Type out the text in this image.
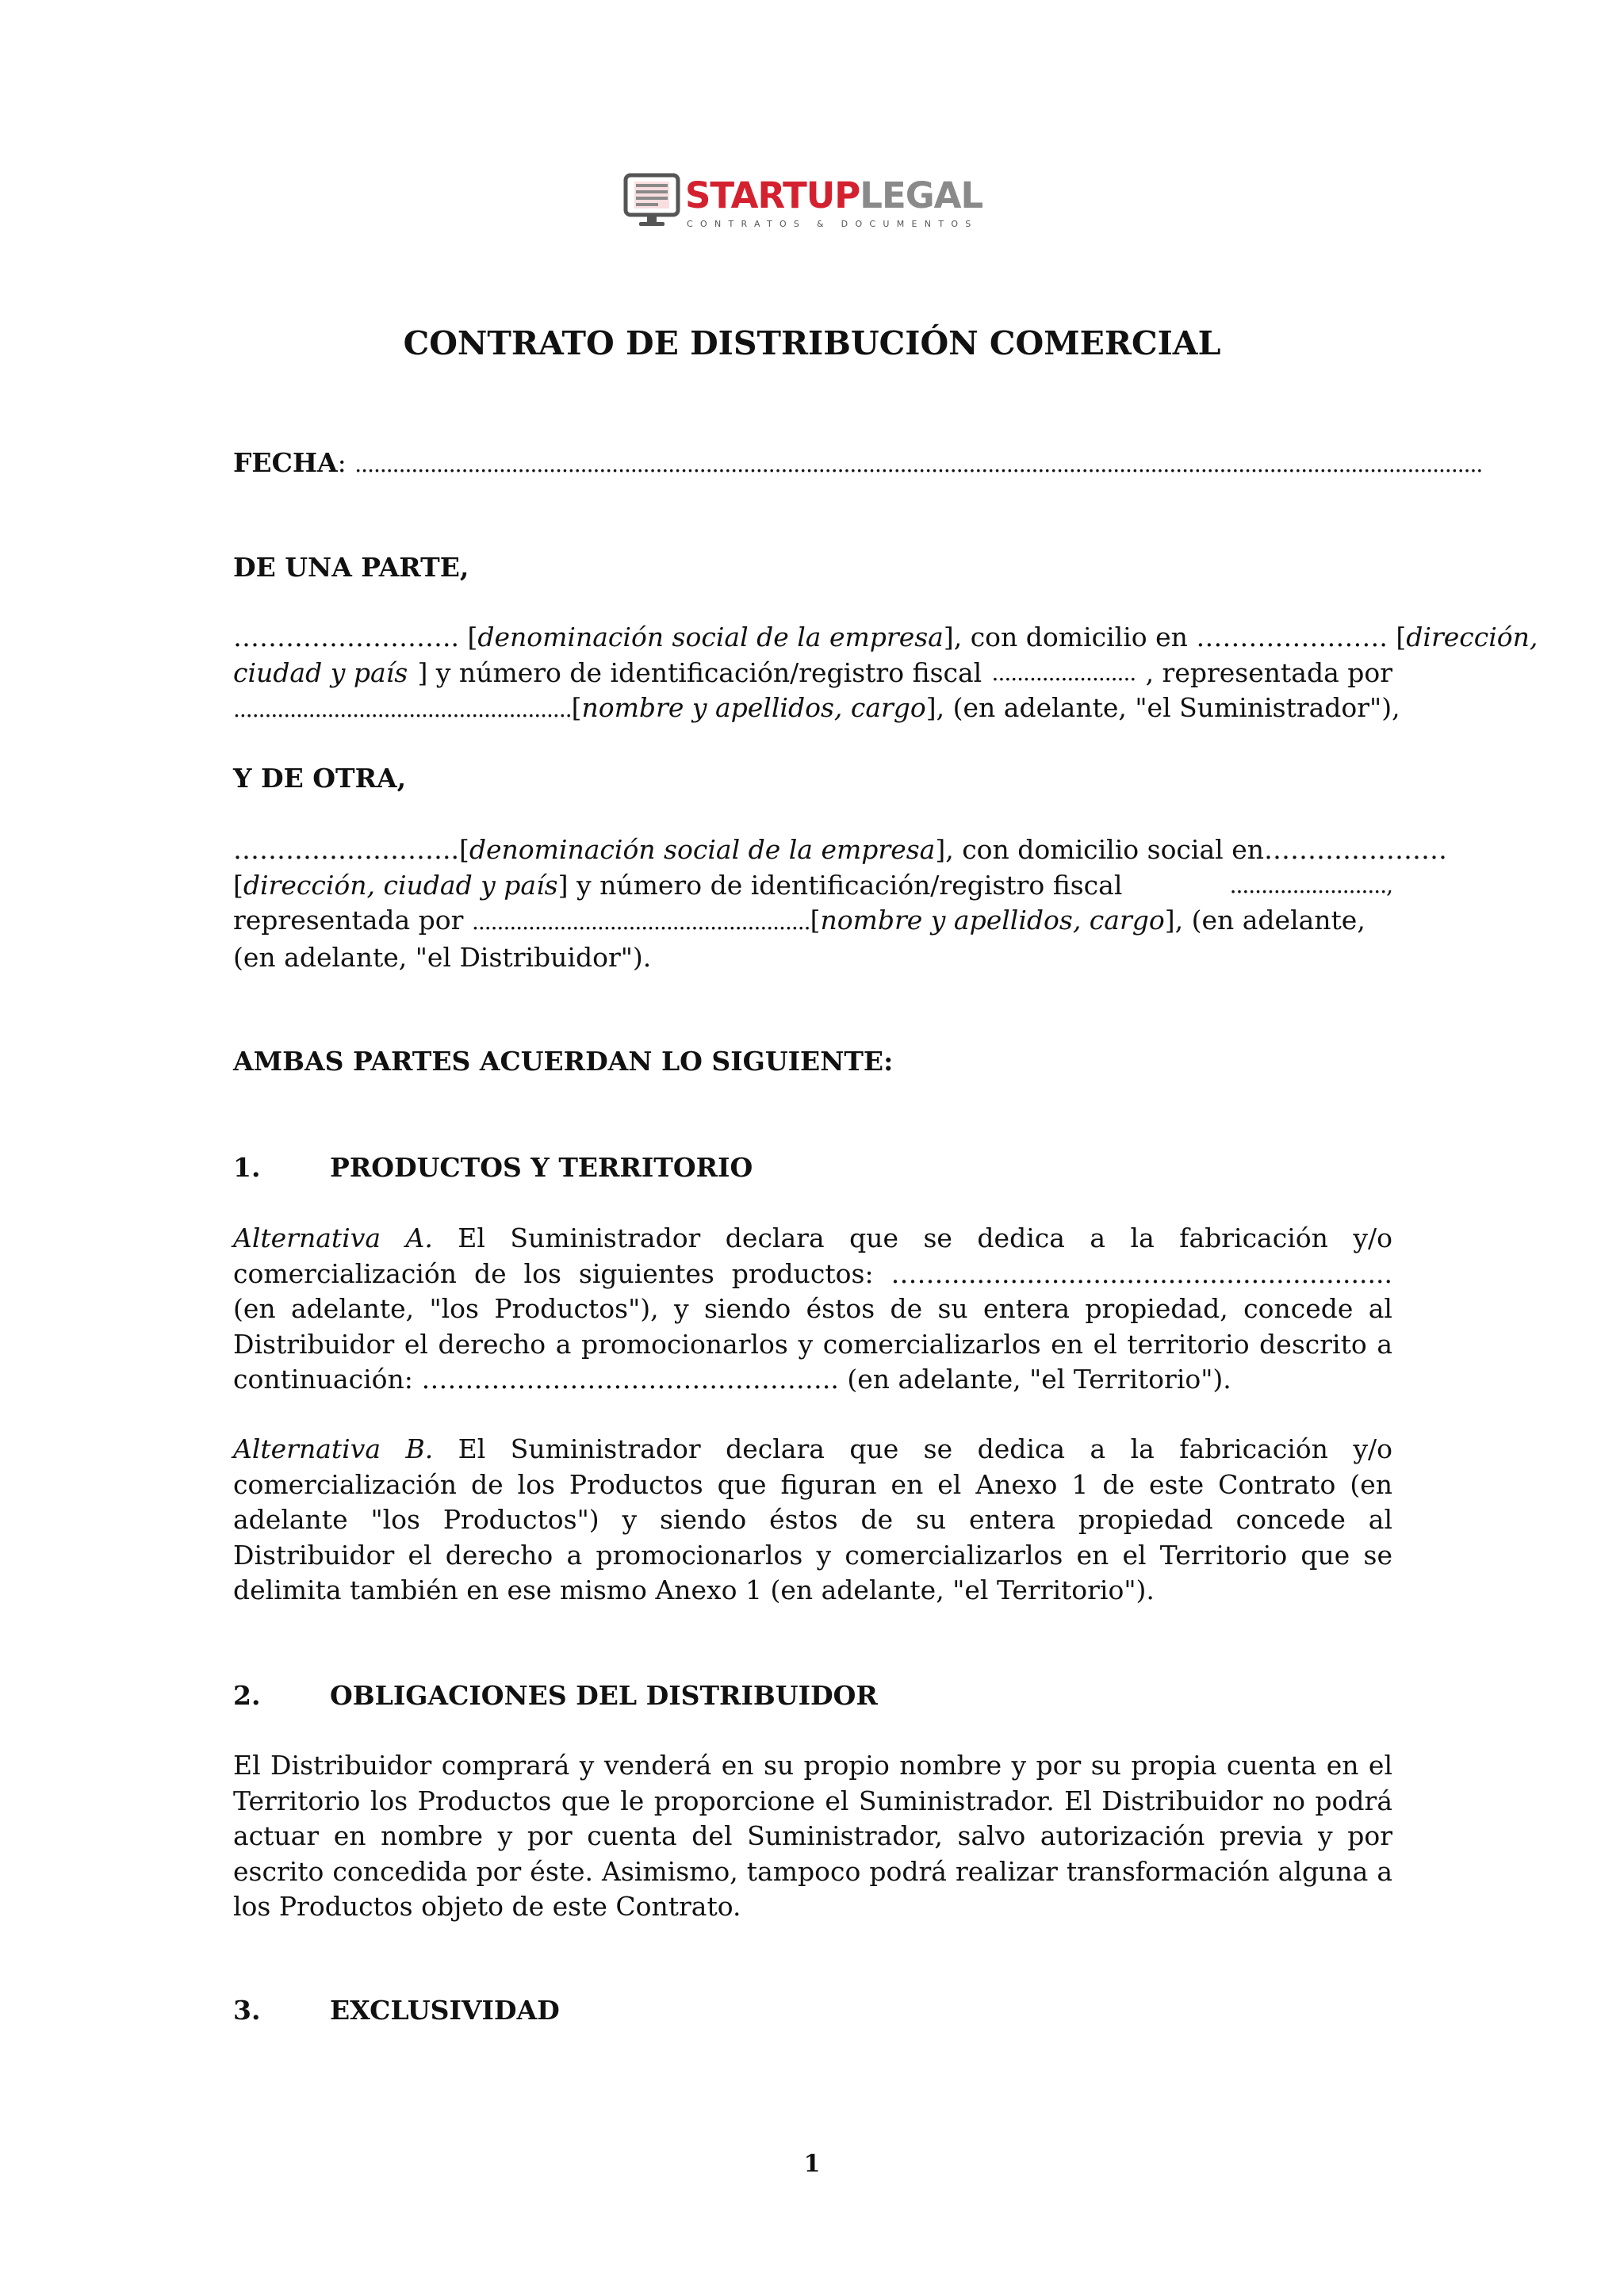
STARTUPLEGAL
CONTRATOS & DOCUMENTOS
CONTRATO DE DISTRIBUCIÓN COMERCIAL

FECHA: ....................................................................................................................................................................................

DE UNA PARTE,

…………………….. [denominación social de la empresa], con domicilio en …………………. [dirección,
ciudad y país ] y número de identificación/registro fiscal ....................... , representada por
......................................................[nombre y apellidos, cargo], (en adelante, "el Suministrador"),

Y DE OTRA,

…………………….. [denominación social de la empresa], con domicilio social en …………………
[dirección, ciudad y país] y número de identificación/registro fiscal	.........................,
representada por ......................................................[nombre y apellidos, cargo], (en adelante,
(en adelante, "el Distribuidor").

AMBAS PARTES ACUERDAN LO SIGUIENTE:

1.	PRODUCTOS Y TERRITORIO

Alternativa A. El Suministrador declara que se dedica a la fabricación y/o comercialización de los siguientes productos: ……...................................................... (en adelante, "los Productos"), y siendo éstos de su entera propiedad, concede al Distribuidor el derecho a promocionarlos y comercializarlos en el territorio descrito a continuación: …………………………….………….. (en adelante, "el Territorio").

Alternativa B. El Suministrador declara que se dedica a la fabricación y/o comercialización de los Productos que figuran en el Anexo 1 de este Contrato (en adelante "los Productos") y siendo éstos de su entera propiedad concede al Distribuidor el derecho a promocionarlos y comercializarlos en el Territorio que se delimita también en ese mismo Anexo 1 (en adelante, "el Territorio").

2.	OBLIGACIONES DEL DISTRIBUIDOR

El Distribuidor comprará y venderá en su propio nombre y por su propia cuenta en el Territorio los Productos que le proporcione el Suministrador. El Distribuidor no podrá actuar en nombre y por cuenta del Suministrador, salvo autorización previa y por escrito concedida por éste. Asimismo, tampoco podrá realizar transformación alguna a los Productos objeto de este Contrato.

3.	EXCLUSIVIDAD

1
